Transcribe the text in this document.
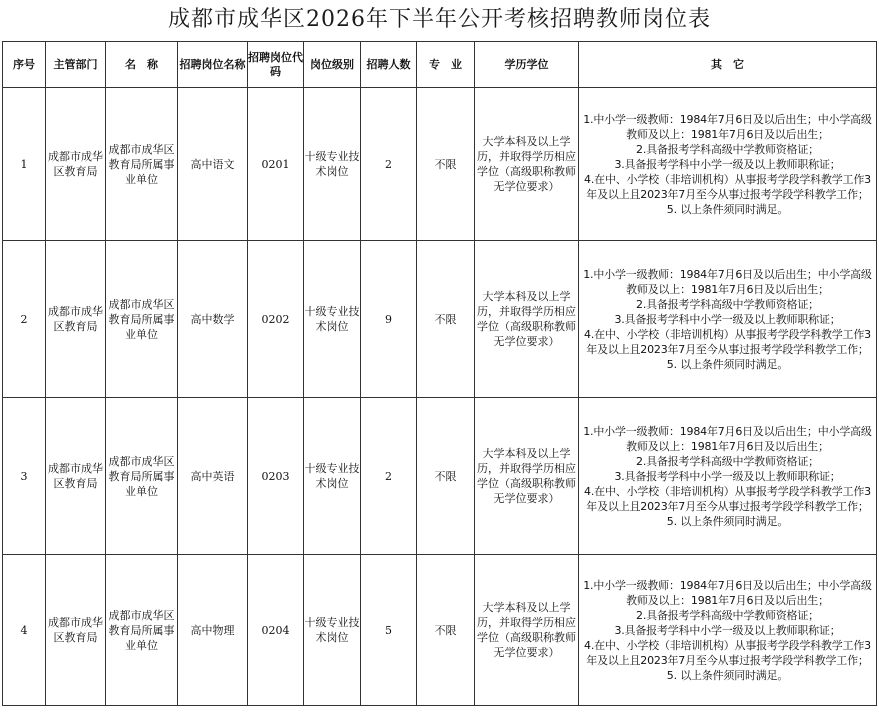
成都市成华区2026年下半年公开考核招聘教师岗位表
序号	主管部门	名　称	招聘岗位名称	招聘岗位代码	岗位级别	招聘人数	专　业	学历学位	其　它
1	成都市成华区教育局	成都市成华区教育局所属事业单位	高中语文	0201	十级专业技术岗位	2	不限	大学本科及以上学历，并取得学历相应学位（高级职称教师无学位要求）	1.中小学一级教师：1984年7月6日及以后出生；中小学高级教师及以上：1981年7月6日及以后出生；
2.具备报考学科高级中学教师资格证；
3.具备报考学科中小学一级及以上教师职称证；
4.在中、小学校（非培训机构）从事报考学段学科教学工作3年及以上且2023年7月至今从事过报考学段学科教学工作；
5. 以上条件须同时满足。

2	成都市成华区教育局	成都市成华区教育局所属事业单位	高中数学	0202	十级专业技术岗位	9	不限	大学本科及以上学历，并取得学历相应学位（高级职称教师无学位要求）	1.中小学一级教师：1984年7月6日及以后出生；中小学高级教师及以上：1981年7月6日及以后出生；
2.具备报考学科高级中学教师资格证；
3.具备报考学科中小学一级及以上教师职称证；
4.在中、小学校（非培训机构）从事报考学段学科教学工作3年及以上且2023年7月至今从事过报考学段学科教学工作；
5. 以上条件须同时满足。

3	成都市成华区教育局	成都市成华区教育局所属事业单位	高中英语	0203	十级专业技术岗位	2	不限	大学本科及以上学历，并取得学历相应学位（高级职称教师无学位要求）	1.中小学一级教师：1984年7月6日及以后出生；中小学高级教师及以上：1981年7月6日及以后出生；
2.具备报考学科高级中学教师资格证；
3.具备报考学科中小学一级及以上教师职称证；
4.在中、小学校（非培训机构）从事报考学段学科教学工作3年及以上且2023年7月至今从事过报考学段学科教学工作；
5. 以上条件须同时满足。

4	成都市成华区教育局	成都市成华区教育局所属事业单位	高中物理	0204	十级专业技术岗位	5	不限	大学本科及以上学历，并取得学历相应学位（高级职称教师无学位要求）	1.中小学一级教师：1984年7月6日及以后出生；中小学高级教师及以上：1981年7月6日及以后出生；
2.具备报考学科高级中学教师资格证；
3.具备报考学科中小学一级及以上教师职称证；
4.在中、小学校（非培训机构）从事报考学段学科教学工作3年及以上且2023年7月至今从事过报考学段学科教学工作；
5. 以上条件须同时满足。
